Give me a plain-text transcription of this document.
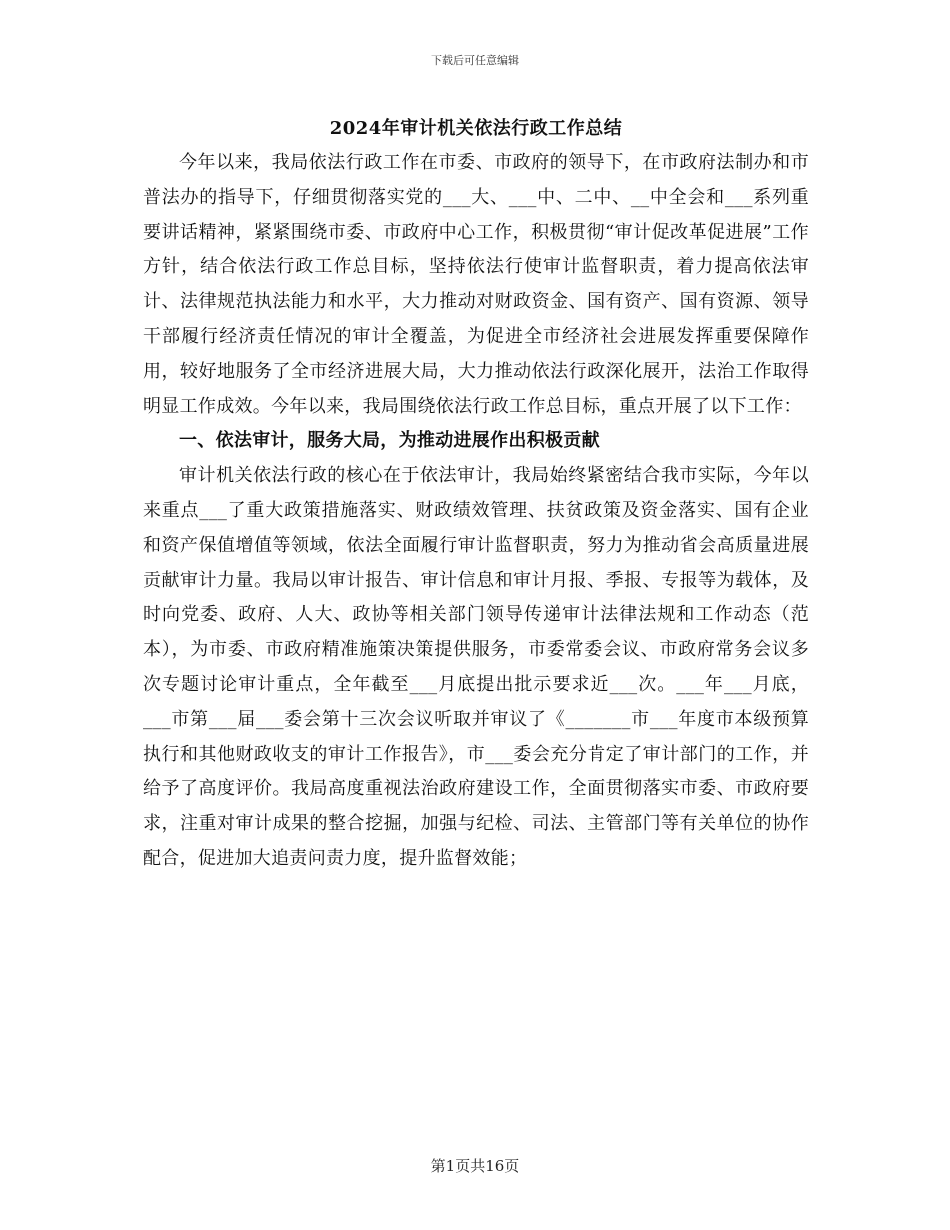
下载后可任意编辑
2024年审计机关依法行政工作总结

今年以来，我局依法行政工作在市委、市政府的领导下，在市政府法制办和市普法办的指导下，仔细贯彻落实党的___大、___中、二中、__中全会和___系列重要讲话精神，紧紧围绕市委、市政府中心工作，积极贯彻“审计促改革促进展”工作方针，结合依法行政工作总目标，坚持依法行使审计监督职责，着力提高依法审计、法律规范执法能力和水平，大力推动对财政资金、国有资产、国有资源、领导干部履行经济责任情况的审计全覆盖，为促进全市经济社会进展发挥重要保障作用，较好地服务了全市经济进展大局，大力推动依法行政深化展开，法治工作取得明显工作成效。今年以来，我局围绕依法行政工作总目标，重点开展了以下工作：

一、依法审计，服务大局，为推动进展作出积极贡献

审计机关依法行政的核心在于依法审计，我局始终紧密结合我市实际，今年以来重点___了重大政策措施落实、财政绩效管理、扶贫政策及资金落实、国有企业和资产保值增值等领域，依法全面履行审计监督职责，努力为推动省会高质量进展贡献审计力量。我局以审计报告、审计信息和审计月报、季报、专报等为载体，及时向党委、政府、人大、政协等相关部门领导传递审计法律法规和工作动态（范本），为市委、市政府精准施策决策提供服务，市委常委会议、市政府常务会议多次专题讨论审计重点，全年截至___月底提出批示要求近___次。___年___月底，___市第___届___委会第十三次会议听取并审议了《_______市___年度市本级预算执行和其他财政收支的审计工作报告》，市___委会充分肯定了审计部门的工作，并给予了高度评价。我局高度重视法治政府建设工作，全面贯彻落实市委、市政府要求，注重对审计成果的整合挖掘，加强与纪检、司法、主管部门等有关单位的协作配合，促进加大追责问责力度，提升监督效能；

第1页共16页
